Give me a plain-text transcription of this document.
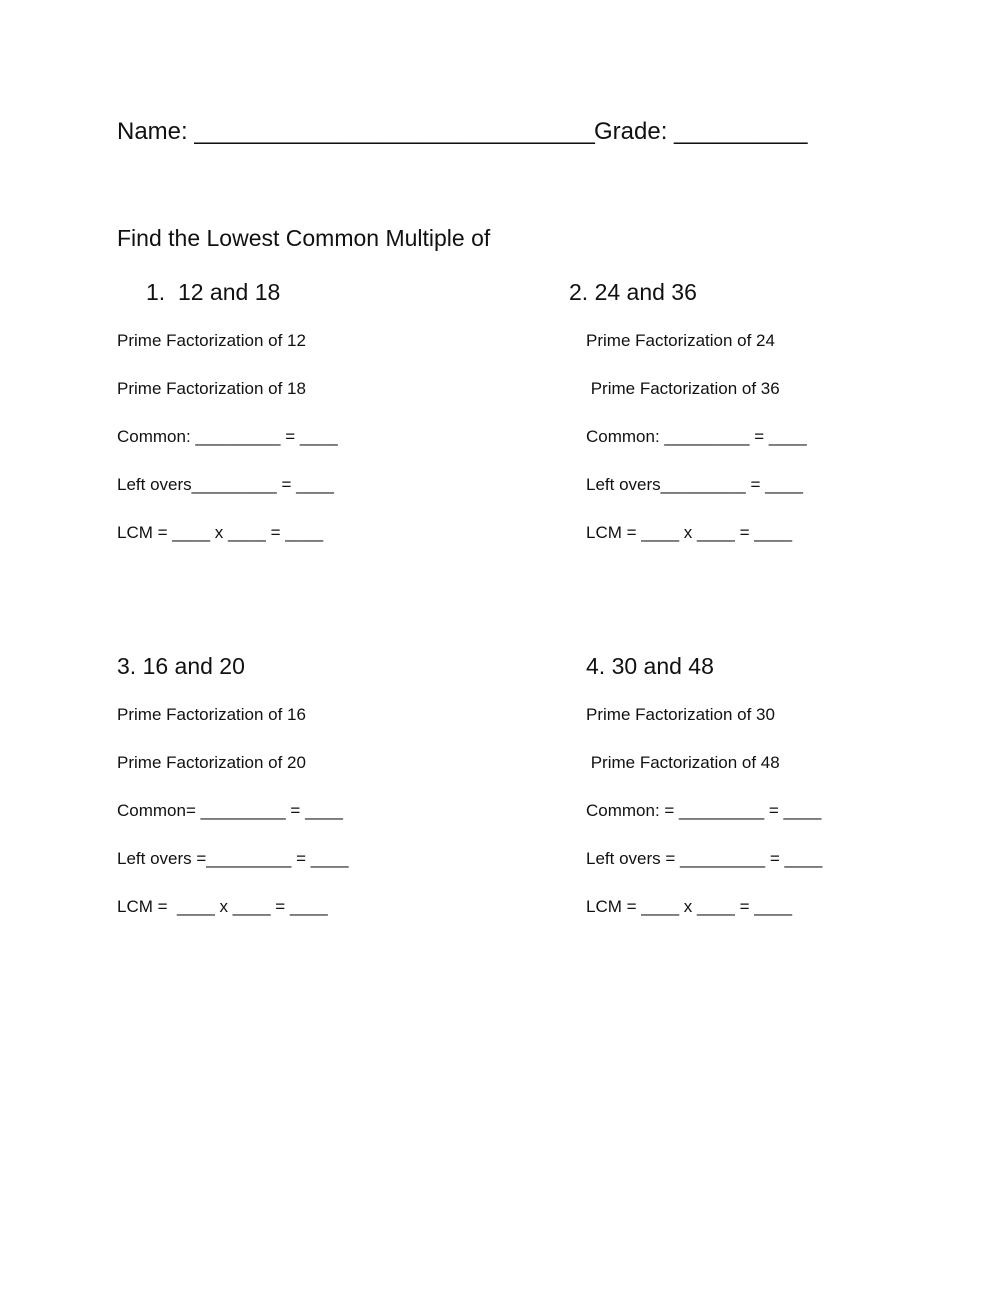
Name: ______________________________ Grade: __________
Find the Lowest Common Multiple of
1.  12 and 18
Prime Factorization of 12
Prime Factorization of 18
Common: _________ = ____
Left overs_________ = ____
LCM = ____ x ____ = ____
2. 24 and 36
Prime Factorization of 24
Prime Factorization of 36
Common: _________ = ____
Left overs_________ = ____
LCM = ____ x ____ = ____
3. 16 and 20
Prime Factorization of 16
Prime Factorization of 20
Common= _________ = ____
Left overs =_________ = ____
LCM =  ____ x ____ = ____
4. 30 and 48
Prime Factorization of 30
Prime Factorization of 48
Common: = _________ = ____
Left overs = _________ = ____
LCM = ____ x ____ = ____
